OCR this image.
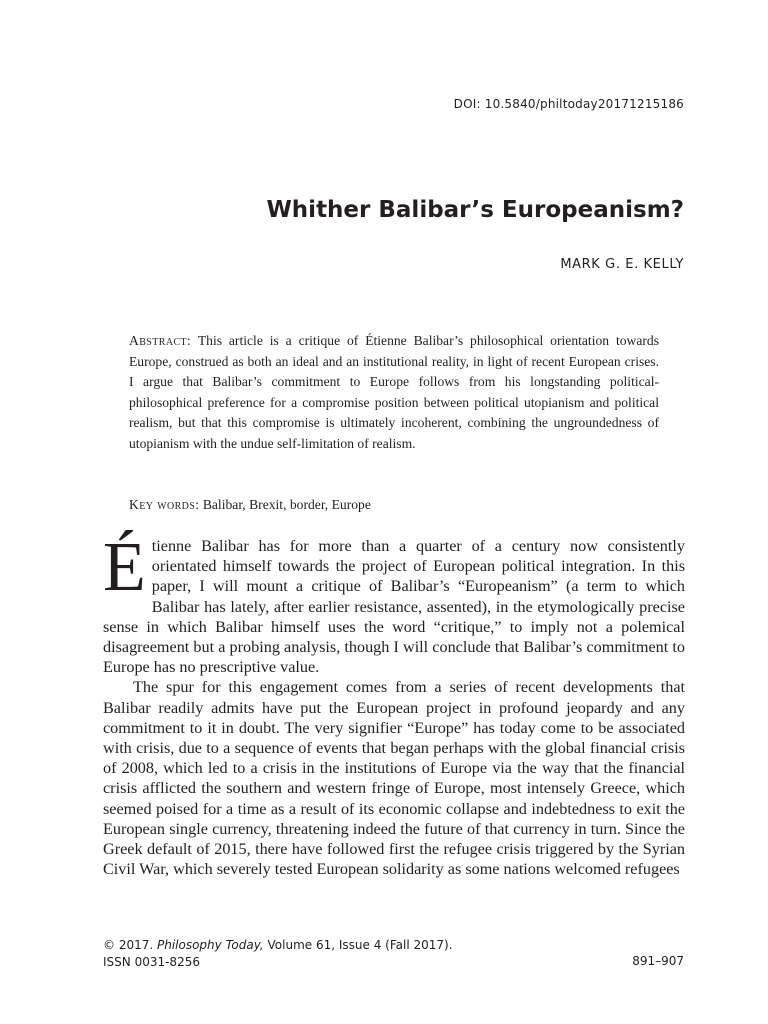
DOI: 10.5840/philtoday20171215186
Whither Balibar’s Europeanism?
MARK G. E. KELLY

Abstract: This article is a critique of Étienne Balibar’s philosophical orientation towards Europe, construed as both an ideal and an institutional reality, in light of recent European crises. I argue that Balibar’s commitment to Europe follows from his longstanding political-philosophical preference for a compromise position between political utopianism and political realism, but that this compromise is ultimately incoherent, combining the ungroundedness of utopianism with the undue self-limitation of realism.

Key words: Balibar, Brexit, border, Europe

Étienne Balibar has for more than a quarter of a century now consistently orientated himself towards the project of European political integration. In this paper, I will mount a critique of Balibar’s “Europeanism” (a term to which Balibar has lately, after earlier resistance, assented), in the etymologically precise sense in which Balibar himself uses the word “critique,” to imply not a polemical disagreement but a probing analysis, though I will conclude that Balibar’s commitment to Europe has no prescriptive value.

The spur for this engagement comes from a series of recent developments that Balibar readily admits have put the European project in profound jeopardy and any commitment to it in doubt. The very signifier “Europe” has today come to be associated with crisis, due to a sequence of events that began perhaps with the global financial crisis of 2008, which led to a crisis in the institutions of Europe via the way that the financial crisis afflicted the southern and western fringe of Europe, most intensely Greece, which seemed poised for a time as a result of its economic collapse and indebtedness to exit the European single currency, threatening indeed the future of that currency in turn. Since the Greek default of 2015, there have followed first the refugee crisis triggered by the Syrian Civil War, which severely tested European solidarity as some nations welcomed refugees

© 2017. Philosophy Today, Volume 61, Issue 4 (Fall 2017).
ISSN 0031-8256	891–907
